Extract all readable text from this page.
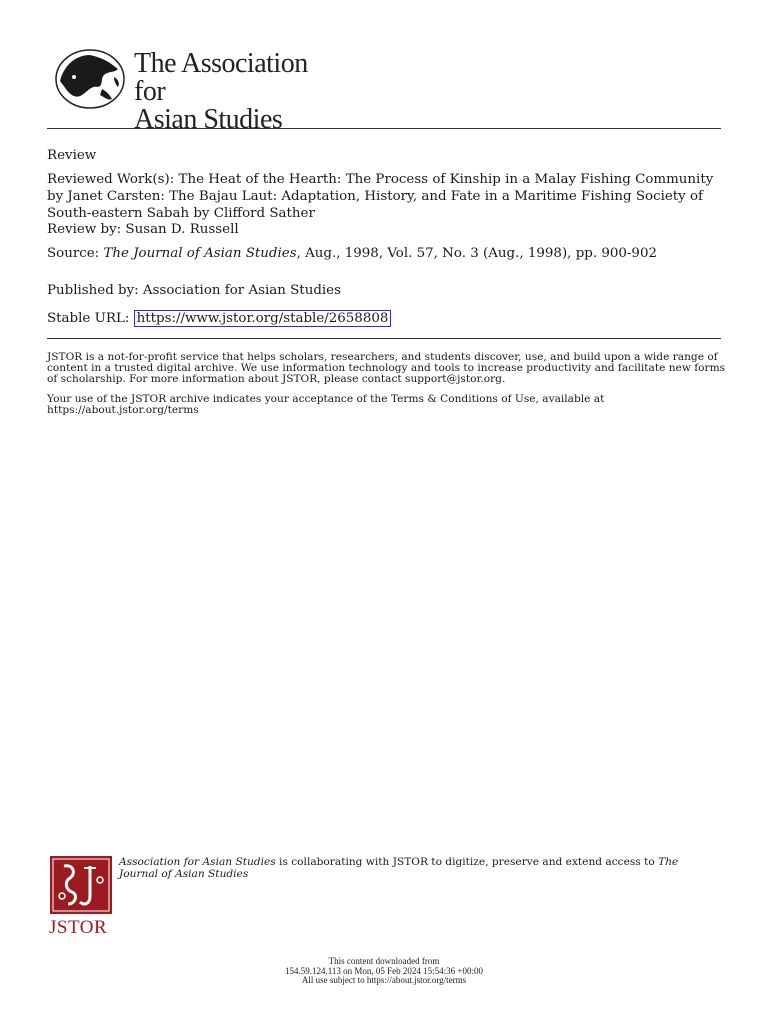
The Association for
Asian Studies
Review
Reviewed Work(s): The Heat of the Hearth: The Process of Kinship in a Malay Fishing Community by Janet Carsten: The Bajau Laut: Adaptation, History, and Fate in a Maritime Fishing Society of South-eastern Sabah by Clifford Sather
Review by: Susan D. Russell
Source: The Journal of Asian Studies, Aug., 1998, Vol. 57, No. 3 (Aug., 1998), pp. 900-902
Published by: Association for Asian Studies
Stable URL: https://www.jstor.org/stable/2658808
JSTOR is a not-for-profit service that helps scholars, researchers, and students discover, use, and build upon a wide range of content in a trusted digital archive. We use information technology and tools to increase productivity and facilitate new forms of scholarship. For more information about JSTOR, please contact support@jstor.org.
Your use of the JSTOR archive indicates your acceptance of the Terms & Conditions of Use, available at https://about.jstor.org/terms
JSTOR
Association for Asian Studies is collaborating with JSTOR to digitize, preserve and extend access to The Journal of Asian Studies
This content downloaded from
154.59.124.113 on Mon, 05 Feb 2024 15:54:36 +00:00
All use subject to https://about.jstor.org/terms
